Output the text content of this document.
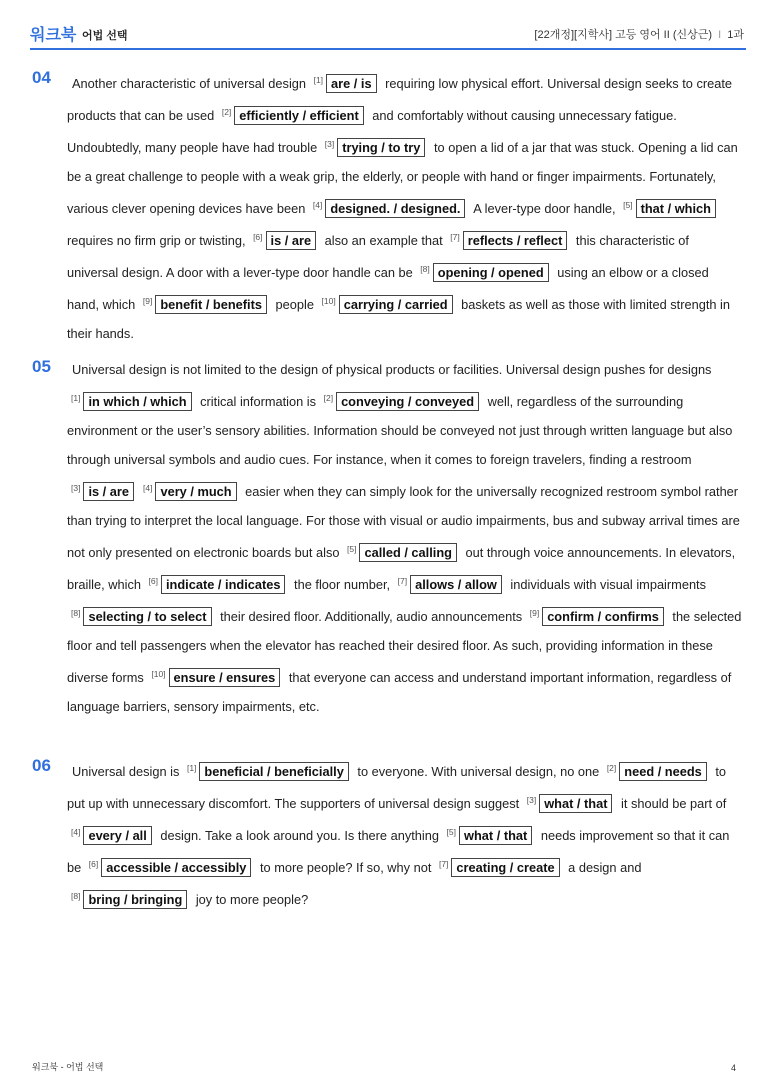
워크북 어법 선택	[22개정][지학사] 고등 영어 II (신상근) I 1과
04	Another characteristic of universal design [1] are / is requiring low physical effort. Universal design seeks to create products that can be used [2] efficiently / efficient and comfortably without causing unnecessary fatigue. Undoubtedly, many people have had trouble [3] trying / to try to open a lid of a jar that was stuck. Opening a lid can be a great challenge to people with a weak grip, the elderly, or people with hand or finger impairments. Fortunately, various clever opening devices have been [4] designed. / designed. A lever-type door handle, [5] that / which requires no firm grip or twisting, [6] is / are also an example that [7] reflects / reflect this characteristic of universal design. A door with a lever-type door handle can be [8] opening / opened using an elbow or a closed hand, which [9] benefit / benefits people [10] carrying / carried baskets as well as those with limited strength in their hands.
05	Universal design is not limited to the design of physical products or facilities. Universal design pushes for designs [1] in which / which critical information is [2] conveying / conveyed well, regardless of the surrounding environment or the user’s sensory abilities. Information should be conveyed not just through written language but also through universal symbols and audio cues. For instance, when it comes to foreign travelers, finding a restroom [3] is / are [4] very / much easier when they can simply look for the universally recognized restroom symbol rather than trying to interpret the local language. For those with visual or audio impairments, bus and subway arrival times are not only presented on electronic boards but also [5] called / calling out through voice announcements. In elevators, braille, which [6] indicate / indicates the floor number, [7] allows / allow individuals with visual impairments [8] selecting / to select their desired floor. Additionally, audio announcements [9] confirm / confirms the selected floor and tell passengers when the elevator has reached their desired floor. As such, providing information in these diverse forms [10] ensure / ensures that everyone can access and understand important information, regardless of language barriers, sensory impairments, etc.
06	Universal design is [1] beneficial / beneficially to everyone. With universal design, no one [2] need / needs to put up with unnecessary discomfort. The supporters of universal design suggest [3] what / that it should be part of [4] every / all design. Take a look around you. Is there anything [5] what / that needs improvement so that it can be [6] accessible / accessibly to more people? If so, why not [7] creating / create a design and [8] bring / bringing joy to more people?
워크북 - 어법 선택	4
